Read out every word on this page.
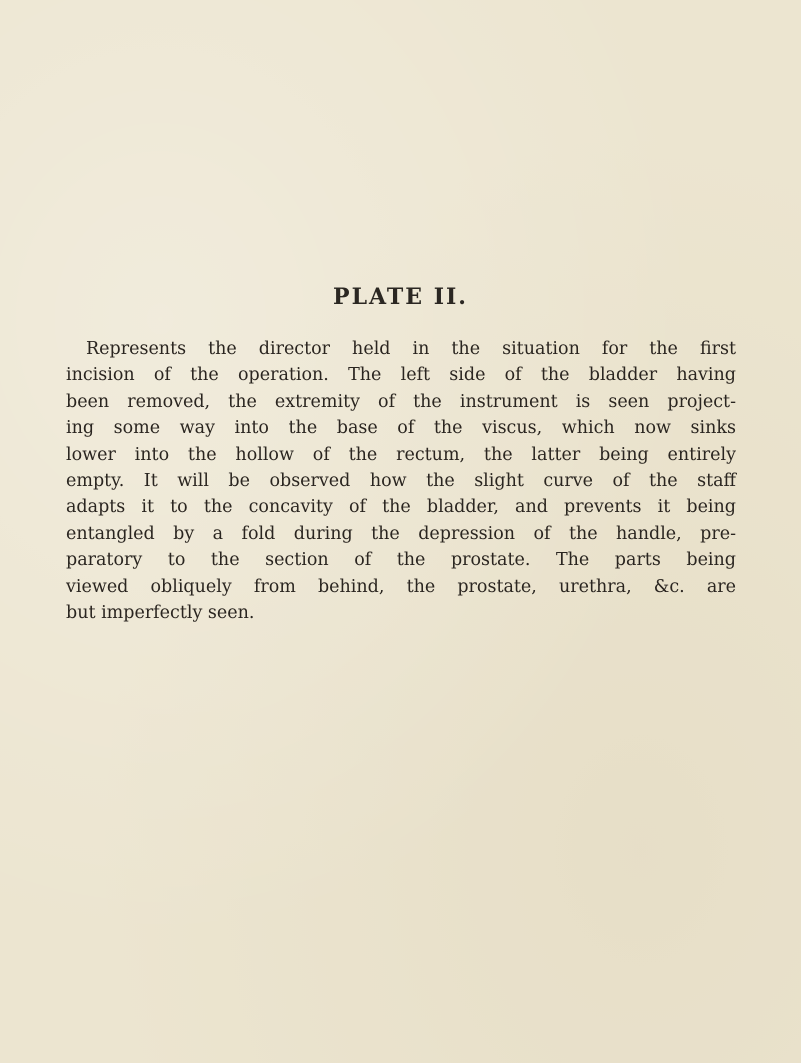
PLATE II.
Represents the director held in the situation for the first
incision of the operation. The left side of the bladder having
been removed, the extremity of the instrument is seen project-
ing some way into the base of the viscus, which now sinks
lower into the hollow of the rectum, the latter being entirely
empty. It will be observed how the slight curve of the staff
adapts it to the concavity of the bladder, and prevents it being
entangled by a fold during the depression of the handle, pre-
paratory to the section of the prostate. The parts being
viewed obliquely from behind, the prostate, urethra, &c. are
but imperfectly seen.
